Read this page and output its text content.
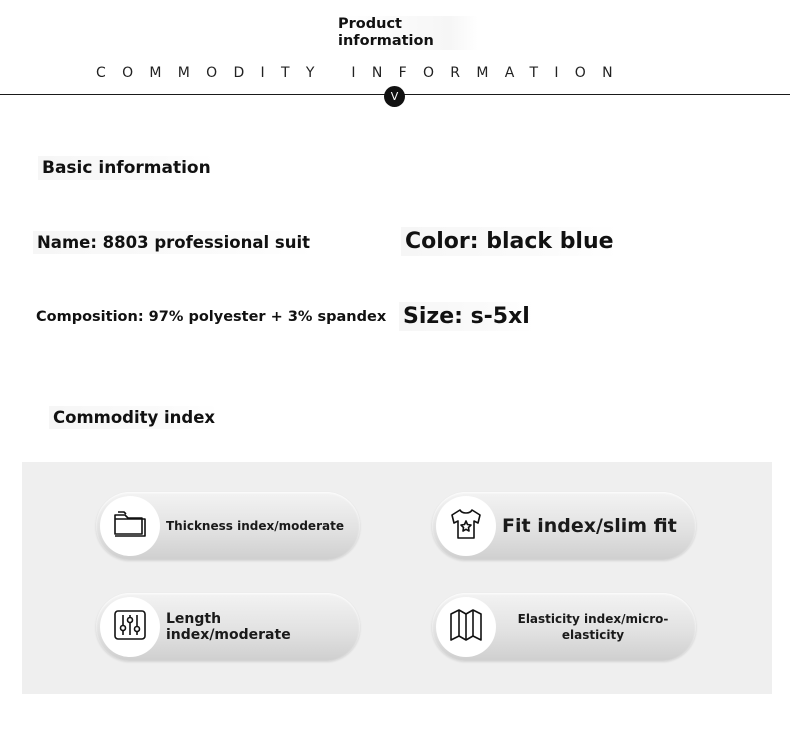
Product information
COMMODITY INFORMATION
V
Basic information
Name: 8803 professional suit	Color: black blue
Composition: 97% polyester + 3% spandex Size: s-5xl
Commodity index
Thickness index/moderate	Fit index/slim fit
Length index/moderate
Elasticity index/micro-elasticity
